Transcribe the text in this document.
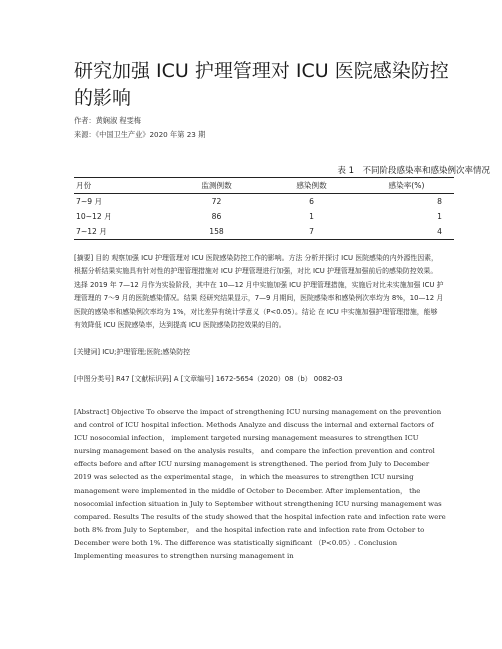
研究加强 ICU 护理管理对 ICU 医院感染防控的影响
作者：黄娴淑 程雯梅
来源：《中国卫生产业》2020 年第 23 期
表 1　不同阶段感染率和感染例次率情况
月份	监测例数	感染例数	感染率(%)
7~9 月	72	6	8
10~12 月	86	1	1
7~12 月	158	7	4

[摘要] 目的 观察加强 ICU 护理管理对 ICU 医院感染防控工作的影响。方法 分析并探讨 ICU 医院感染的内外源性因素，根据分析结果实施具有针对性的护理管理措施对 ICU 护理管理进行加强，对比 ICU 护理管理加强前后的感染防控效果。选择 2019 年 7—12 月作为实验阶段，其中在 10—12 月中实施加强 ICU 护理管理措施，实施后对比未实施加强 ICU 护理管理的 7～9 月的医院感染情况。结果 经研究结果显示，7—9 月期间，医院感染率和感染例次率均为 8%，10—12 月医院的感染率和感染例次率均为 1%，对比差异有统计学意义（P<0.05）。结论 在 ICU 中实施加强护理管理措施，能够有效降低 ICU 医院感染率，达到提高 ICU 医院感染防控效果的目的。

[关键词] ICU;护理管理;医院;感染防控

[中图分类号] R47 [文献标识码] A [文章编号] 1672-5654（2020）08（b） 0082-03

[Abstract] Objective To observe the impact of strengthening ICU nursing management on the prevention and control of ICU hospital infection. Methods Analyze and discuss the internal and external factors of ICU nosocomial infection， implement targeted nursing management measures to strengthen ICU nursing management based on the analysis results， and compare the infection prevention and control effects before and after ICU nursing management is strengthened. The period from July to December 2019 was selected as the experimental stage， in which the measures to strengthen ICU nursing management were implemented in the middle of October to December. After implementation， the nosocomial infection situation in July to September without strengthening ICU nursing management was compared. Results The results of the study showed that the hospital infection rate and infection rate were both 8% from July to September， and the hospital infection rate and infection rate from October to December were both 1%. The difference was statistically significant （P<0.05）. Conclusion Implementing measures to strengthen nursing management in
